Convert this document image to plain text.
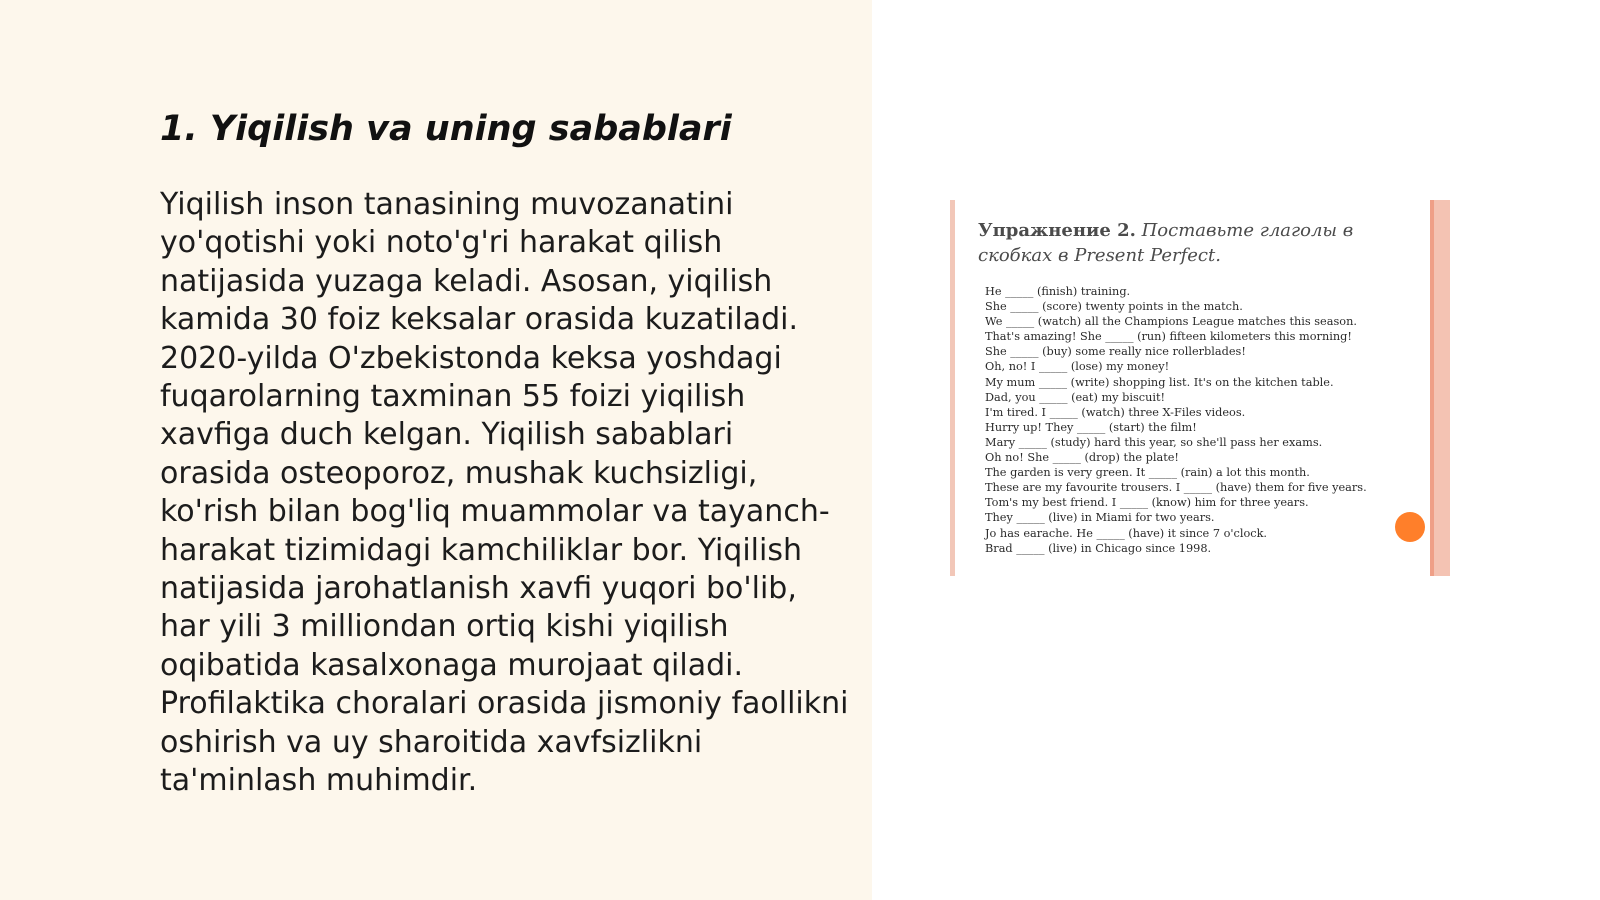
1. Yiqilish va uning sabablari

Yiqilish inson tanasining muvozanatini yo'qotishi yoki noto'g'ri harakat qilish natijasida yuzaga keladi. Asosan, yiqilish kamida 30 foiz keksalar orasida kuzatiladi. 2020-yilda O'zbekistonda keksa yoshdagi fuqarolarning taxminan 55 foizi yiqilish xavfiga duch kelgan. Yiqilish sabablari orasida osteoporoz, mushak kuchsizligi, ko'rish bilan bog'liq muammolar va tayanch-harakat tizimidagi kamchiliklar bor. Yiqilish natijasida jarohatlanish xavfi yuqori bo'lib, har yili 3 milliondan ortiq kishi yiqilish oqibatida kasalxonaga murojaat qiladi. Profilaktika choralari orasida jismoniy faollikni oshirish va uy sharoitida xavfsizlikni ta'minlash muhimdir.

Упражнение 2. Поставьте глаголы в скобках в Present Perfect.

He _____ (finish) training.
She _____ (score) twenty points in the match.
We _____ (watch) all the Champions League matches this season.
That's amazing! She _____ (run) fifteen kilometers this morning!
She _____ (buy) some really nice rollerblades!
Oh, no! I _____ (lose) my money!
My mum _____ (write) shopping list. It's on the kitchen table.
Dad, you _____ (eat) my biscuit!
I'm tired. I _____ (watch) three X-Files videos.
Hurry up! They _____ (start) the film!
Mary _____ (study) hard this year, so she'll pass her exams.
Oh no! She _____ (drop) the plate!
The garden is very green. It _____ (rain) a lot this month.
These are my favourite trousers. I _____ (have) them for five years.
Tom's my best friend. I _____ (know) him for three years.
They _____ (live) in Miami for two years.
Jo has earache. He _____ (have) it since 7 o'clock.
Brad _____ (live) in Chicago since 1998.
